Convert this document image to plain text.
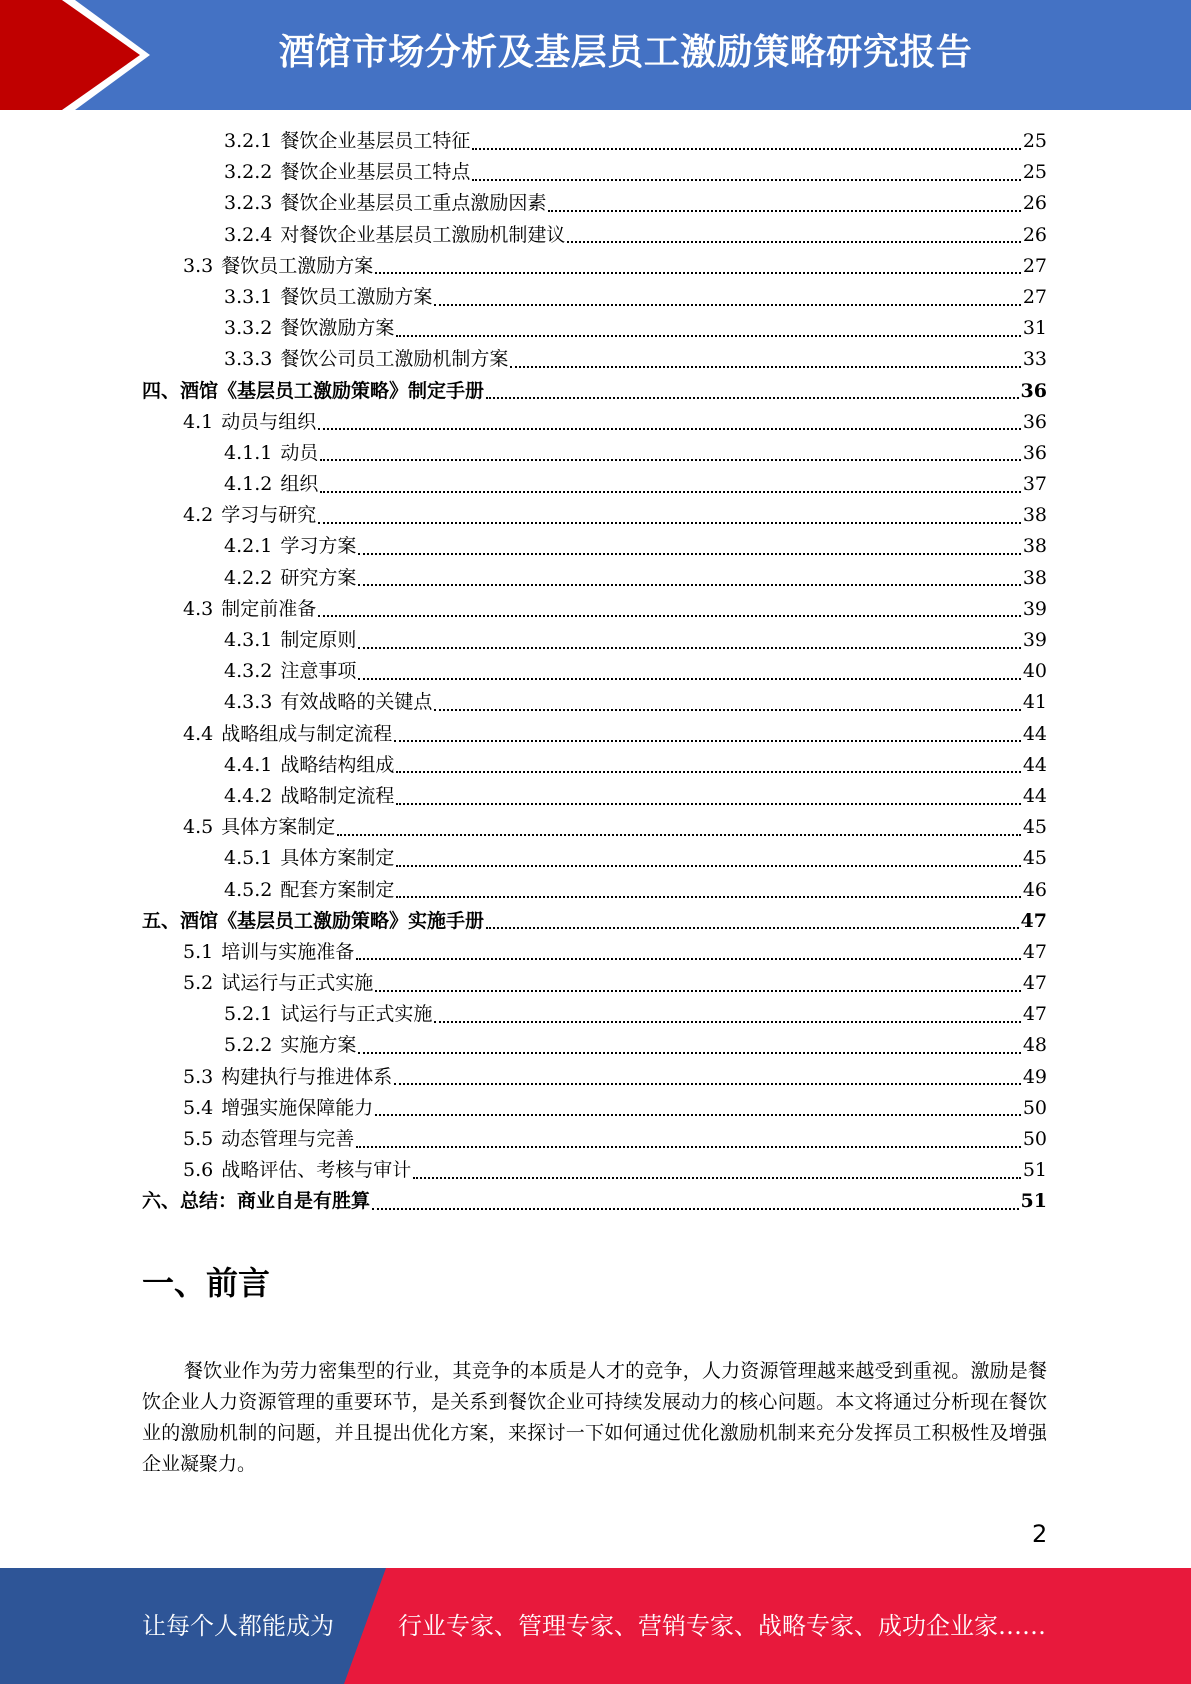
酒馆市场分析及基层员工激励策略研究报告
3.2.1 餐饮企业基层员工特征	25
3.2.2 餐饮企业基层员工特点	25
3.2.3 餐饮企业基层员工重点激励因素	26
3.2.4 对餐饮企业基层员工激励机制建议	26
3.3 餐饮员工激励方案	27
3.3.1 餐饮员工激励方案	27
3.3.2 餐饮激励方案	31
3.3.3 餐饮公司员工激励机制方案	33
四、酒馆《基层员工激励策略》制定手册	36
4.1 动员与组织	36
4.1.1 动员	36
4.1.2 组织	37
4.2 学习与研究	38
4.2.1 学习方案	38
4.2.2 研究方案	38
4.3 制定前准备	39
4.3.1 制定原则	39
4.3.2 注意事项	40
4.3.3 有效战略的关键点	41
4.4 战略组成与制定流程	44
4.4.1 战略结构组成	44
4.4.2 战略制定流程	44
4.5 具体方案制定	45
4.5.1 具体方案制定	45
4.5.2 配套方案制定	46
五、酒馆《基层员工激励策略》实施手册	47
5.1 培训与实施准备	47
5.2 试运行与正式实施	47
5.2.1 试运行与正式实施	47
5.2.2 实施方案	48
5.3 构建执行与推进体系	49
5.4 增强实施保障能力	50
5.5 动态管理与完善	50
5.6 战略评估、考核与审计	51
六、总结：商业自是有胜算	51
一、前言
餐饮业作为劳力密集型的行业，其竞争的本质是人才的竞争，人力资源管理越来越受到重视。激励是餐饮企业人力资源管理的重要环节，是关系到餐饮企业可持续发展动力的核心问题。本文将通过分析现在餐饮业的激励机制的问题，并且提出优化方案，来探讨一下如何通过优化激励机制来充分发挥员工积极性及增强企业凝聚力。
2
让每个人都能成为	行业专家、管理专家、营销专家、战略专家、成功企业家……
